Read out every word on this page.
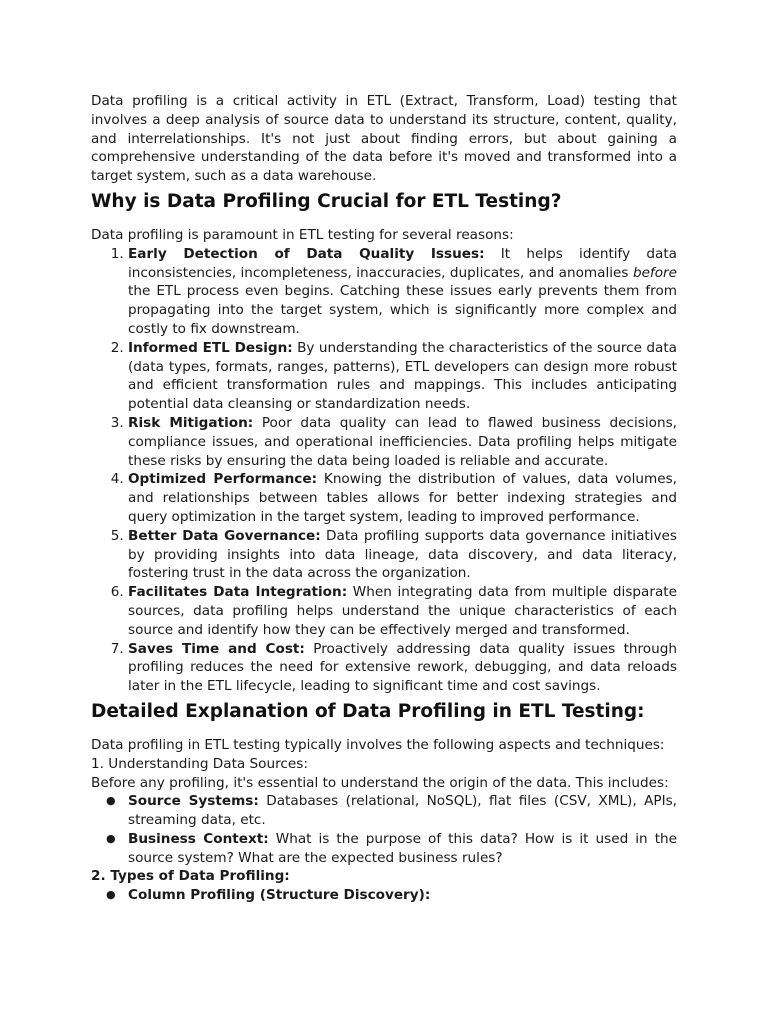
Data profiling is a critical activity in ETL (Extract, Transform, Load) testing that involves a deep analysis of source data to understand its structure, content, quality, and interrelationships. It's not just about finding errors, but about gaining a comprehensive understanding of the data before it's moved and transformed into a target system, such as a data warehouse.

Why is Data Profiling Crucial for ETL Testing?

Data profiling is paramount in ETL testing for several reasons:

1. Early Detection of Data Quality Issues: It helps identify data inconsistencies, incompleteness, inaccuracies, duplicates, and anomalies before the ETL process even begins. Catching these issues early prevents them from propagating into the target system, which is significantly more complex and costly to fix downstream.
2. Informed ETL Design: By understanding the characteristics of the source data (data types, formats, ranges, patterns), ETL developers can design more robust and efficient transformation rules and mappings. This includes anticipating potential data cleansing or standardization needs.
3. Risk Mitigation: Poor data quality can lead to flawed business decisions, compliance issues, and operational inefficiencies. Data profiling helps mitigate these risks by ensuring the data being loaded is reliable and accurate.
4. Optimized Performance: Knowing the distribution of values, data volumes, and relationships between tables allows for better indexing strategies and query optimization in the target system, leading to improved performance.
5. Better Data Governance: Data profiling supports data governance initiatives by providing insights into data lineage, data discovery, and data literacy, fostering trust in the data across the organization.
6. Facilitates Data Integration: When integrating data from multiple disparate sources, data profiling helps understand the unique characteristics of each source and identify how they can be effectively merged and transformed.
7. Saves Time and Cost: Proactively addressing data quality issues through profiling reduces the need for extensive rework, debugging, and data reloads later in the ETL lifecycle, leading to significant time and cost savings.
Detailed Explanation of Data Profiling in ETL Testing:

Data profiling in ETL testing typically involves the following aspects and techniques:

1. Understanding Data Sources:

Before any profiling, it's essential to understand the origin of the data. This includes:

● Source Systems: Databases (relational, NoSQL), flat files (CSV, XML), APIs, streaming data, etc.
● Business Context: What is the purpose of this data? How is it used in the source system? What are the expected business rules?

2. Types of Data Profiling:

● Column Profiling (Structure Discovery):
